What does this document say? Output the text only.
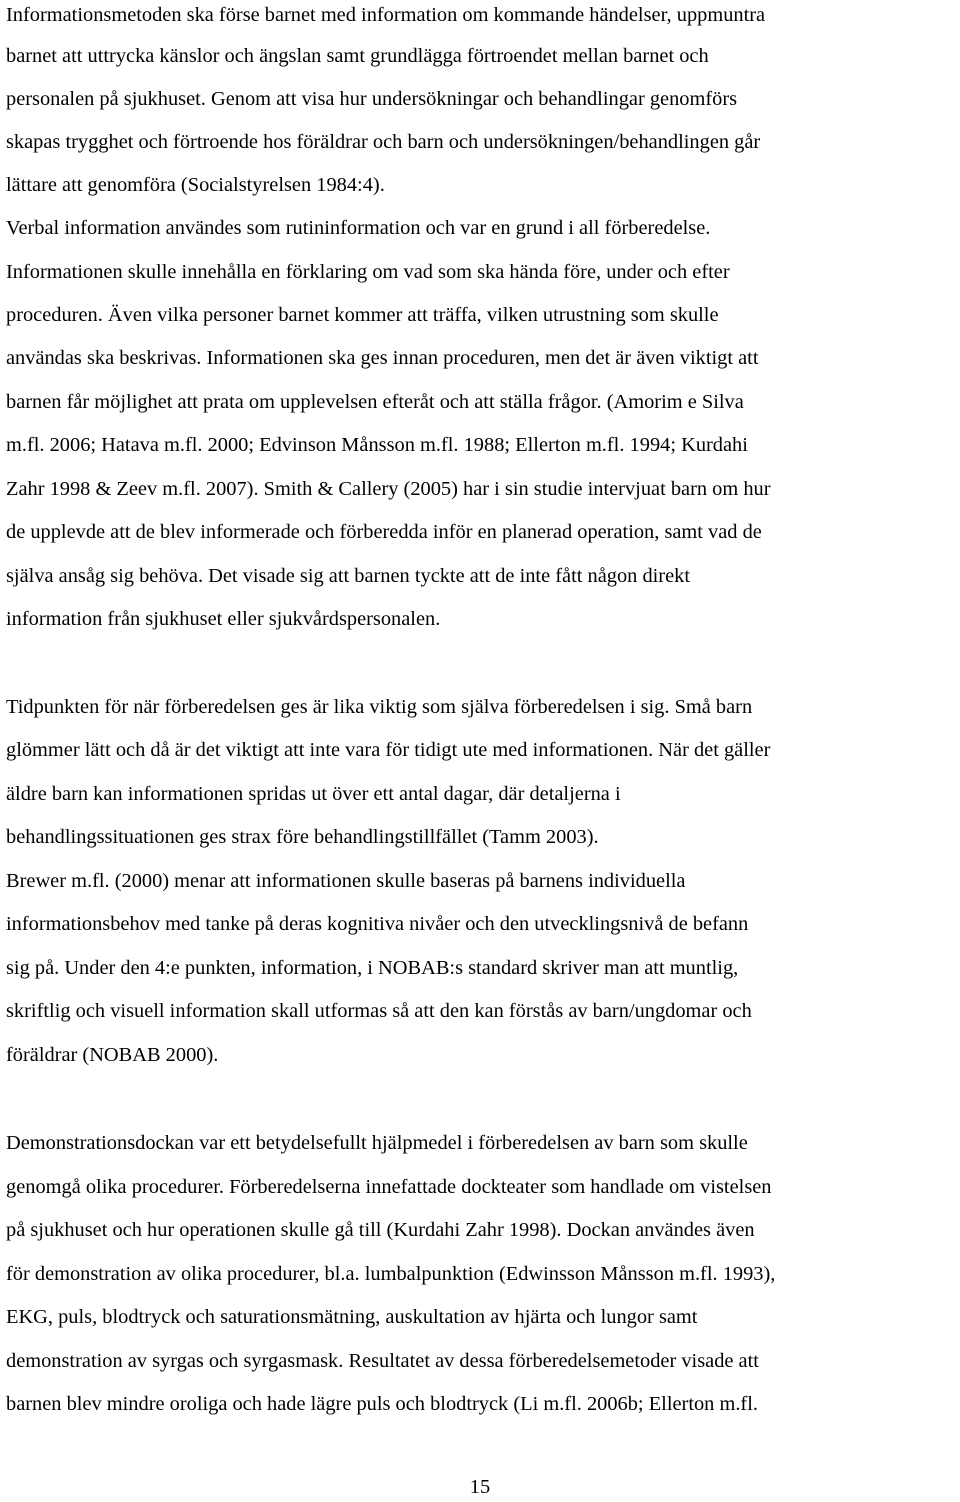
Informationsmetoden ska förse barnet med information om kommande händelser, uppmuntra
barnet att uttrycka känslor och ängslan samt grundlägga förtroendet mellan barnet och
personalen på sjukhuset. Genom att visa hur undersökningar och behandlingar genomförs
skapas trygghet och förtroende hos föräldrar och barn och undersökningen/behandlingen går
lättare att genomföra (Socialstyrelsen 1984:4).
Verbal information användes som rutininformation och var en grund i all förberedelse.
Informationen skulle innehålla en förklaring om vad som ska hända före, under och efter
proceduren. Även vilka personer barnet kommer att träffa, vilken utrustning som skulle
användas ska beskrivas. Informationen ska ges innan proceduren, men det är även viktigt att
barnen får möjlighet att prata om upplevelsen efteråt och att ställa frågor. (Amorim e Silva
m.fl. 2006; Hatava m.fl. 2000; Edvinson Månsson m.fl. 1988; Ellerton m.fl. 1994; Kurdahi
Zahr 1998 & Zeev m.fl. 2007). Smith & Callery (2005) har i sin studie intervjuat barn om hur
de upplevde att de blev informerade och förberedda inför en planerad operation, samt vad de
själva ansåg sig behöva. Det visade sig att barnen tyckte att de inte fått någon direkt
information från sjukhuset eller sjukvårdspersonalen.
Tidpunkten för när förberedelsen ges är lika viktig som själva förberedelsen i sig. Små barn
glömmer lätt och då är det viktigt att inte vara för tidigt ute med informationen. När det gäller
äldre barn kan informationen spridas ut över ett antal dagar, där detaljerna i
behandlingssituationen ges strax före behandlingstillfället (Tamm 2003).
Brewer m.fl. (2000) menar att informationen skulle baseras på barnens individuella
informationsbehov med tanke på deras kognitiva nivåer och den utvecklingsnivå de befann
sig på. Under den 4:e punkten, information, i NOBAB:s standard skriver man att muntlig,
skriftlig och visuell information skall utformas så att den kan förstås av barn/ungdomar och
föräldrar (NOBAB 2000).
Demonstrationsdockan var ett betydelsefullt hjälpmedel i förberedelsen av barn som skulle
genomgå olika procedurer. Förberedelserna innefattade dockteater som handlade om vistelsen
på sjukhuset och hur operationen skulle gå till (Kurdahi Zahr 1998). Dockan användes även
för demonstration av olika procedurer, bl.a. lumbalpunktion (Edwinsson Månsson m.fl. 1993),
EKG, puls, blodtryck och saturationsmätning, auskultation av hjärta och lungor samt
demonstration av syrgas och syrgasmask. Resultatet av dessa förberedelsemetoder visade att
barnen blev mindre oroliga och hade lägre puls och blodtryck (Li m.fl. 2006b; Ellerton m.fl.
15
